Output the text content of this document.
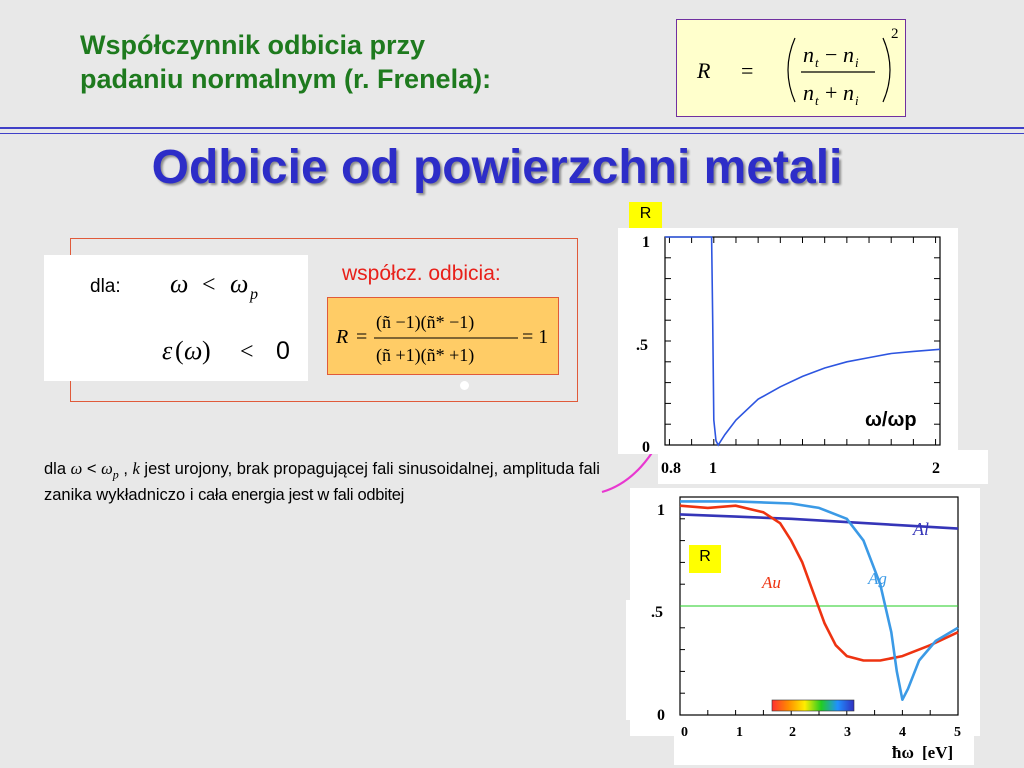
Współczynnik odbicia przy
padaniu normalnym (r. Frenela):	R =
2
n t − n i
n t + n i
Odbicie od powierzchni metali
dla: ω < ω p
ε ( ω ) < 0
współcz. odbicia:
R =
(ñ −1)(ñ* −1)
(ñ +1)(ñ* +1)
= 1
dla $\omega < \omega_p$ , k jest urojony, brak propagującej fali sinusoidalnej, amplituda fali zanika wykładniczo i cała energia jest w fali odbitej
R
1
.5
0
0.8 1	2
ω/ωp
R
1
.5
0
0	1	2	3	4	5
ħω [eV]
Al
Au	Ag
